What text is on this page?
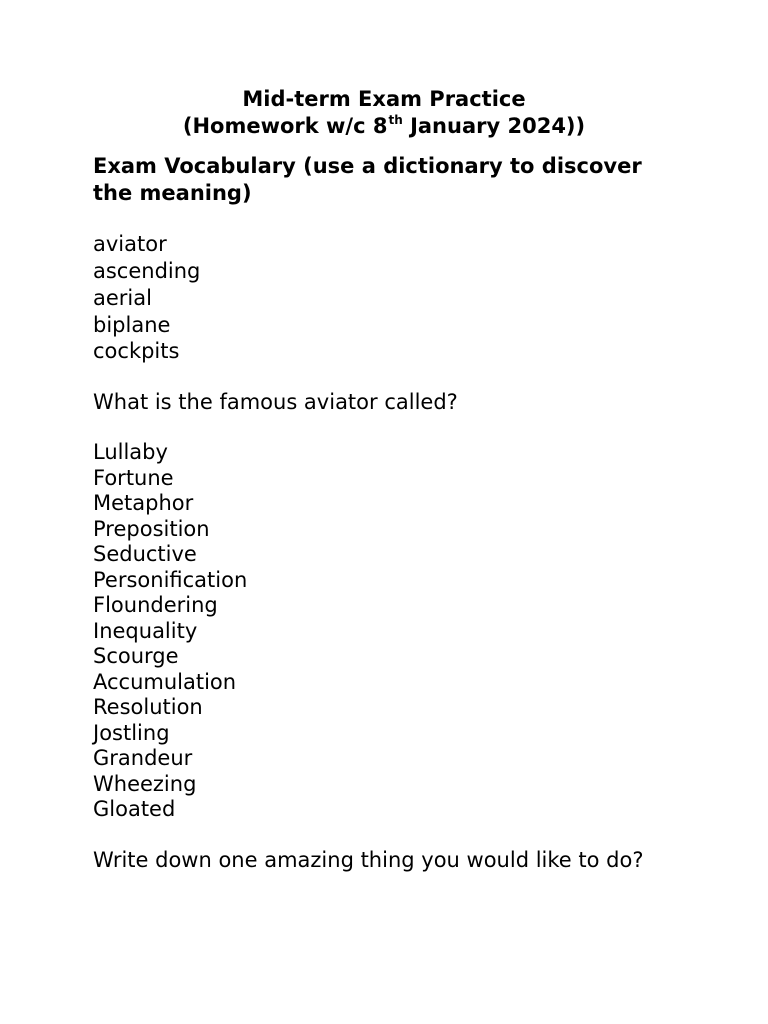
Mid-term Exam Practice
(Homework w/c 8th January 2024))
Exam Vocabulary (use a dictionary to discover the meaning)
aviator
ascending
aerial
biplane
cockpits
What is the famous aviator called?
Lullaby
Fortune
Metaphor
Preposition
Seductive
Personification
Floundering
Inequality
Scourge
Accumulation
Resolution
Jostling
Grandeur
Wheezing
Gloated
Write down one amazing thing you would like to do?
